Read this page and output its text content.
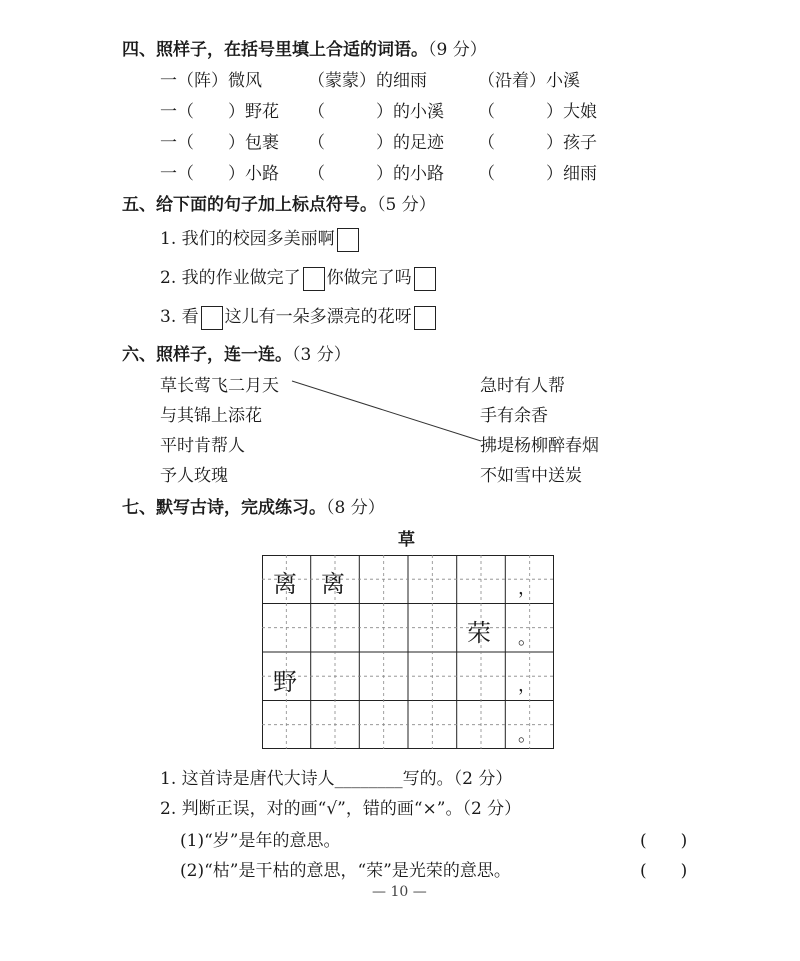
四、照样子，在括号里填上合适的词语。（9 分）
一（阵）微风	（蒙蒙）的细雨	（沿着）小溪
一（　　）野花 （　　　）的小溪 （　　　）大娘
一（　　）包裹 （　　　）的足迹 （　　　）孩子
一（　　）小路 （　　　）的小路 （　　　）细雨
五、给下面的句子加上标点符号。（5 分）
1. 我们的校园多美丽啊
2. 我的作业做完了 你做完了吗
3. 看 这儿有一朵多漂亮的花呀
六、照样子，连一连。（3 分）
草长莺飞二月天
与其锦上添花
平时肯帮人
予人玫瑰
急时有人帮
手有余香
拂堤杨柳醉春烟
不如雪中送炭
七、默写古诗，完成练习。（8 分）
草
离 离	，
荣 。
野	，
。
1. 这首诗是唐代大诗人________写的。（2 分）
2. 判断正误，对的画“√”，错的画“×”。（2 分）
(1)“岁”是年的意思。	(　　)
(2)“枯”是干枯的意思，“荣”是光荣的意思。	(　　)
— 10 —
